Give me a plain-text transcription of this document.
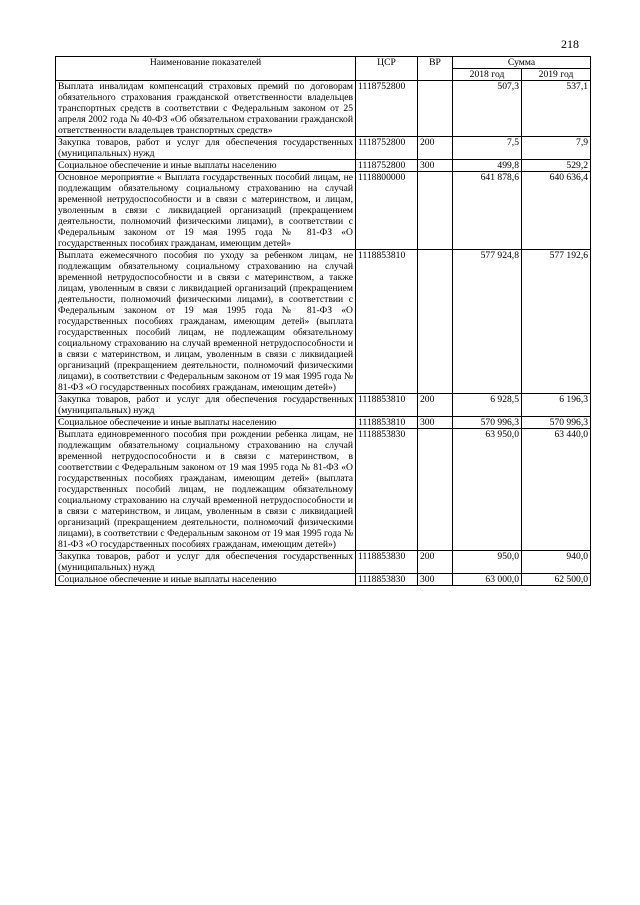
218
Наименование показателей	ЦСР	ВР	Сумма	
			2018 год	2019 год
Выплата инвалидам компенсаций страховых премий по договорам обязательного страхования гражданской ответственности владельцев транспортных средств в соответствии с Федеральным законом от 25 апреля 2002 года № 40-ФЗ «Об обязательном страховании гражданской ответственности владельцев транспортных средств»	1118752800		507,3	537,1
Закупка товаров, работ и услуг для обеспечения государственных (муниципальных) нужд	1118752800	200	7,5	7,9
Социальное обеспечение и иные выплаты населению	1118752800	300	499,8	529,2
Основное мероприятие « Выплата государственных пособий лицам, не подлежащим обязательному социальному страхованию на случай временной нетрудоспособности и в связи с материнством, и лицам, уволенным в связи с ликвидацией организаций (прекращением деятельности, полномочий физическими лицами), в соответствии с Федеральным законом от 19 мая 1995 года № 81-ФЗ «О государственных пособиях гражданам, имеющим детей»	1118800000		641 878,6	640 636,4
Выплата ежемесячного пособия по уходу за ребенком лицам, не подлежащим обязательному социальному страхованию на случай временной нетрудоспособности и в связи с материнством, а также лицам, уволенным в связи с ликвидацией организаций (прекращением деятельности, полномочий физическими лицами), в соответствии с Федеральным законом от 19 мая 1995 года № 81-ФЗ «О государственных пособиях гражданам, имеющим детей» (выплата государственных пособий лицам, не подлежащим обязательному социальному страхованию на случай временной нетрудоспособности и в связи с материнством, и лицам, уволенным в связи с ликвидацией организаций (прекращением деятельности, полномочий физическими лицами), в соответствии с Федеральным законом от 19 мая 1995 года № 81-ФЗ «О государственных пособиях гражданам, имеющим детей»)	1118853810		577 924,8	577 192,6
Закупка товаров, работ и услуг для обеспечения государственных (муниципальных) нужд	1118853810	200	6 928,5	6 196,3
Социальное обеспечение и иные выплаты населению	1118853810	300	570 996,3	570 996,3
Выплата единовременного пособия при рождении ребенка лицам, не подлежащим обязательному социальному страхованию на случай временной нетрудоспособности и в связи с материнством, в соответствии с Федеральным законом от 19 мая 1995 года № 81-ФЗ «О государственных пособиях гражданам, имеющим детей» (выплата государственных пособий лицам, не подлежащим обязательному социальному страхованию на случай временной нетрудоспособности и в связи с материнством, и лицам, уволенным в связи с ликвидацией организаций (прекращением деятельности, полномочий физическими лицами), в соответствии с Федеральным законом от 19 мая 1995 года № 81-ФЗ «О государственных пособиях гражданам, имеющим детей»)	1118853830		63 950,0	63 440,0
Закупка товаров, работ и услуг для обеспечения государственных (муниципальных) нужд	1118853830	200	950,0	940,0
Социальное обеспечение и иные выплаты населению	1118853830	300	63 000,0	62 500,0
